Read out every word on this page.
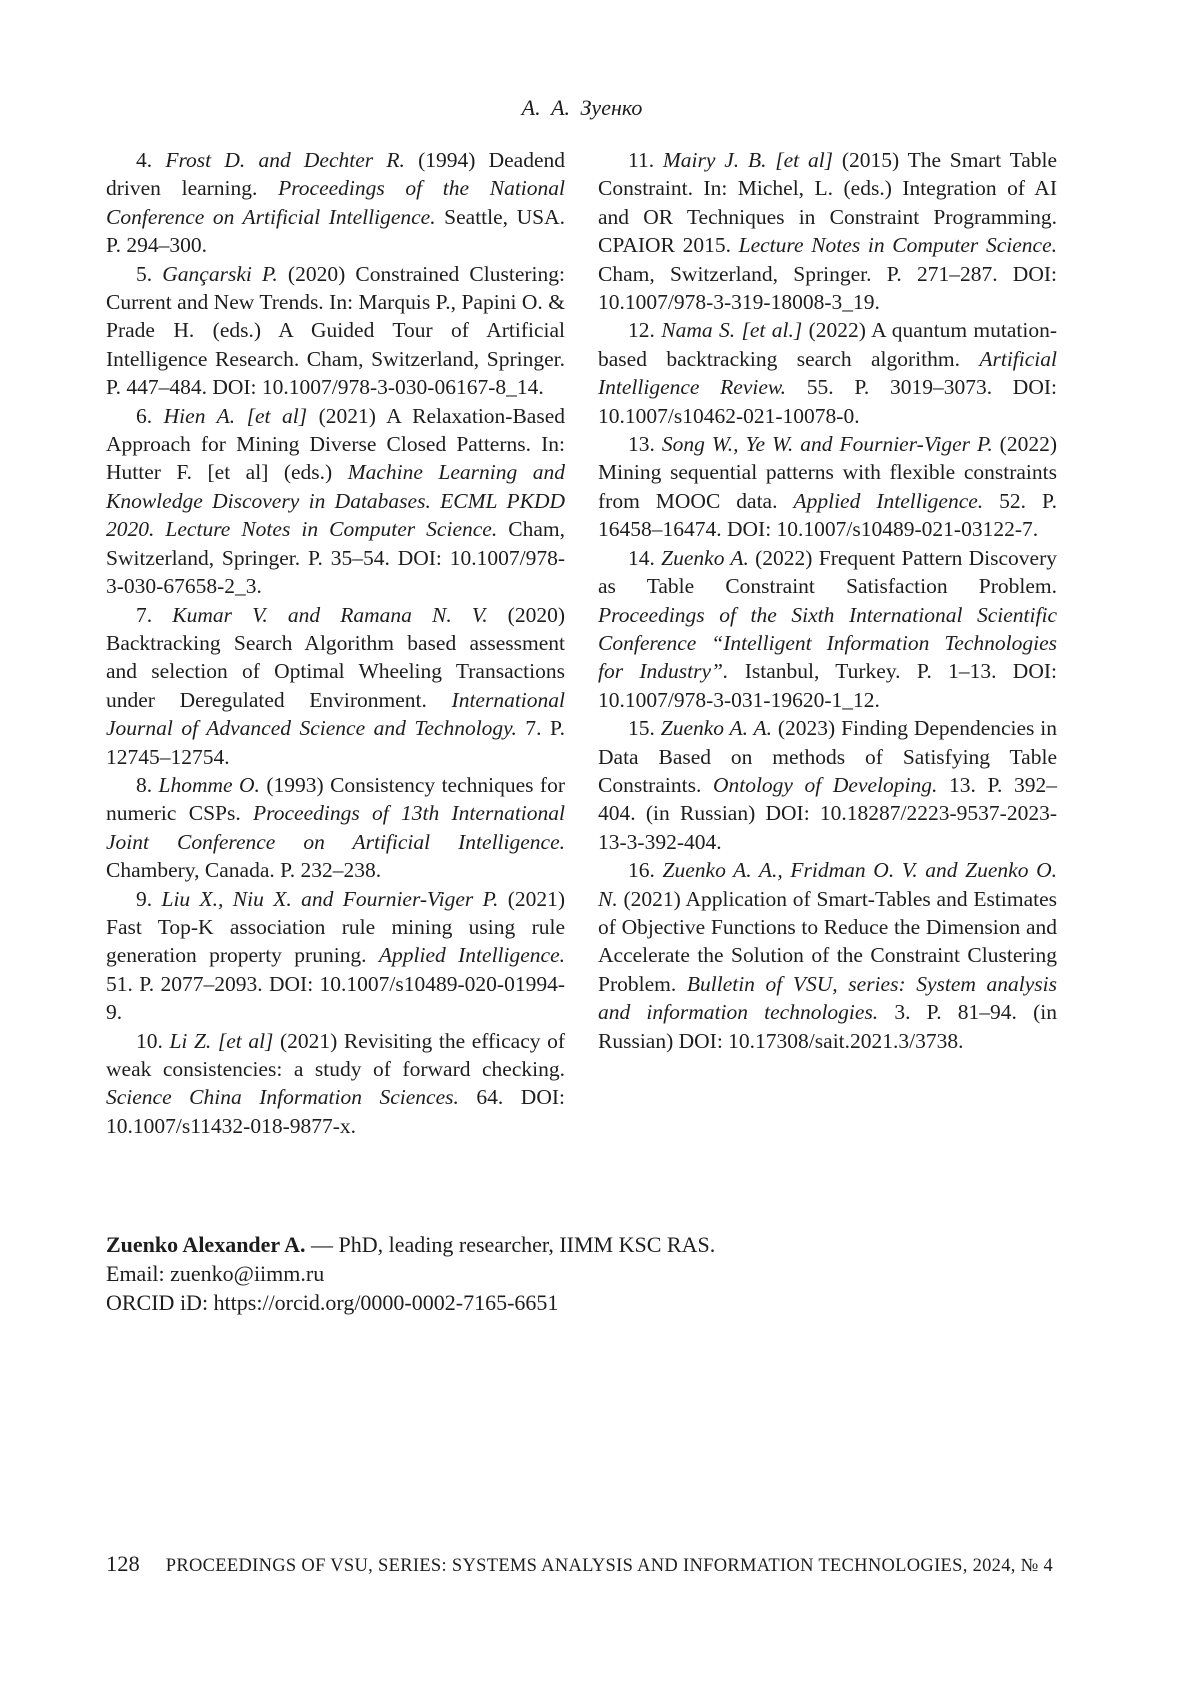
А. А. Зуенко

4. Frost D. and Dechter R. (1994) Deadend driven learning. Proceedings of the National Conference on Artificial Intelligence. Seattle, USA. P. 294–300.

5. Gançarski P. (2020) Constrained Clustering: Current and New Trends. In: Marquis P., Papini O. & Prade H. (eds.) A Guided Tour of Artificial Intelligence Research. Cham, Switzerland, Springer. P. 447–484. DOI: 10.1007/978-3-030-06167-8_14.

6. Hien A. [et al] (2021) A Relaxation-Based Approach for Mining Diverse Closed Patterns. In: Hutter F. [et al] (eds.) Machine Learning and Knowledge Discovery in Databases. ECML PKDD 2020. Lecture Notes in Computer Science. Cham, Switzerland, Springer. P. 35–54. DOI: 10.1007/978-3-030-67658-2_3.

7. Kumar V. and Ramana N. V. (2020) Backtracking Search Algorithm based assessment and selection of Optimal Wheeling Transactions under Deregulated Environment. International Journal of Advanced Science and Technology. 7. P. 12745–12754.

8. Lhomme O. (1993) Consistency techniques for numeric CSPs. Proceedings of 13th International Joint Conference on Artificial Intelligence. Chambery, Canada. P. 232–238.

9. Liu X., Niu X. and Fournier-Viger P. (2021) Fast Top-K association rule mining using rule generation property pruning. Applied Intelligence. 51. P. 2077–2093. DOI: 10.1007/s10489-020-01994-9.

10. Li Z. [et al] (2021) Revisiting the efficacy of weak consistencies: a study of forward checking. Science China Information Sciences. 64. DOI: 10.1007/s11432-018-9877-x.

11. Mairy J. B. [et al] (2015) The Smart Table Constraint. In: Michel, L. (eds.) Integration of AI and OR Techniques in Constraint Programming. CPAIOR 2015. Lecture Notes in Computer Science. Cham, Switzerland, Springer. P. 271–287. DOI: 10.1007/978-3-319-18008-3_19.

12. Nama S. [et al.] (2022) A quantum mutation-based backtracking search algorithm. Artificial Intelligence Review. 55. P. 3019–3073. DOI: 10.1007/s10462-021-10078-0.

13. Song W., Ye W. and Fournier-Viger P. (2022) Mining sequential patterns with flexible constraints from MOOC data. Applied Intelligence. 52. P. 16458–16474. DOI: 10.1007/s10489-021-03122-7.

14. Zuenko A. (2022) Frequent Pattern Discovery as Table Constraint Satisfaction Problem. Proceedings of the Sixth International Scientific Conference “Intelligent Information Technologies for Industry”. Istanbul, Turkey. P. 1–13. DOI: 10.1007/978-3-031-19620-1_12.

15. Zuenko A. A. (2023) Finding Dependencies in Data Based on methods of Satisfying Table Constraints. Ontology of Developing. 13. P. 392–404. (in Russian) DOI: 10.18287/2223-9537-2023-13-3-392-404.

16. Zuenko A. A., Fridman O. V. and Zuenko O. N. (2021) Application of Smart-Tables and Estimates of Objective Functions to Reduce the Dimension and Accelerate the Solution of the Constraint Clustering Problem. Bulletin of VSU, series: System analysis and information technologies. 3. P. 81–94. (in Russian) DOI: 10.17308/sait.2021.3/3738.

Zuenko Alexander A. — PhD, leading researcher, IIMM KSC RAS.

Email: zuenko@iimm.ru

ORCID iD: https://orcid.org/0000-0002-7165-6651

128 PROCEEDINGS OF VSU, SERIES: SYSTEMS ANALYSIS AND INFORMATION TECHNOLOGIES, 2024, № 4
